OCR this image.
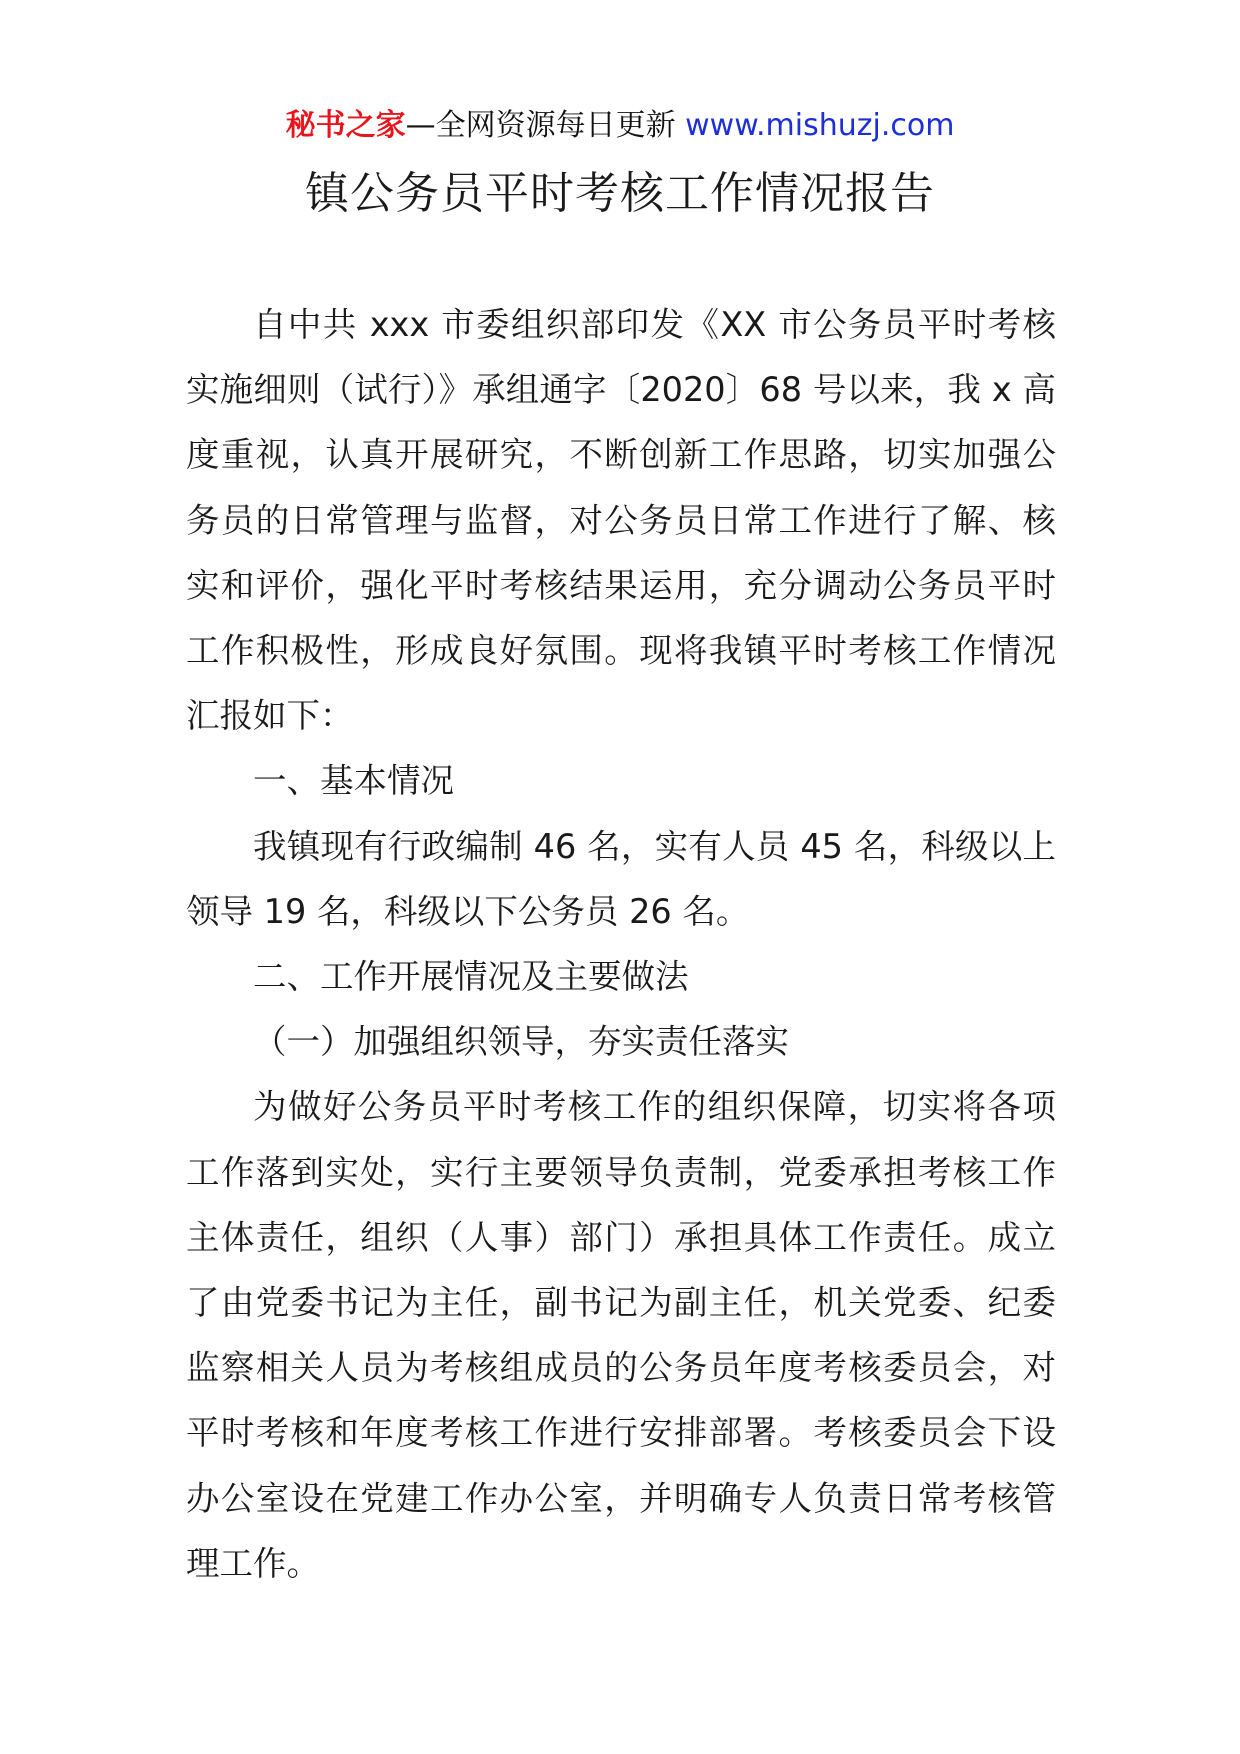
秘书之家—全网资源每日更新 www.mishuzj.com
镇公务员平时考核工作情况报告

自中共 xxx 市委组织部印发《XX 市公务员平时考核实施细则（试行）》承组通字〔2020〕68 号以来，我 x 高度重视，认真开展研究，不断创新工作思路，切实加强公务员的日常管理与监督，对公务员日常工作进行了解、核实和评价，强化平时考核结果运用，充分调动公务员平时工作积极性，形成良好氛围。现将我镇平时考核工作情况汇报如下：

一、基本情况

我镇现有行政编制 46 名，实有人员 45 名，科级以上领导 19 名，科级以下公务员 26 名。

二、工作开展情况及主要做法

（一）加强组织领导，夯实责任落实

为做好公务员平时考核工作的组织保障，切实将各项工作落到实处，实行主要领导负责制，党委承担考核工作主体责任，组织（人事）部门）承担具体工作责任。成立了由党委书记为主任，副书记为副主任，机关党委、纪委监察相关人员为考核组成员的公务员年度考核委员会，对平时考核和年度考核工作进行安排部署。考核委员会下设办公室设在党建工作办公室，并明确专人负责日常考核管理工作。
